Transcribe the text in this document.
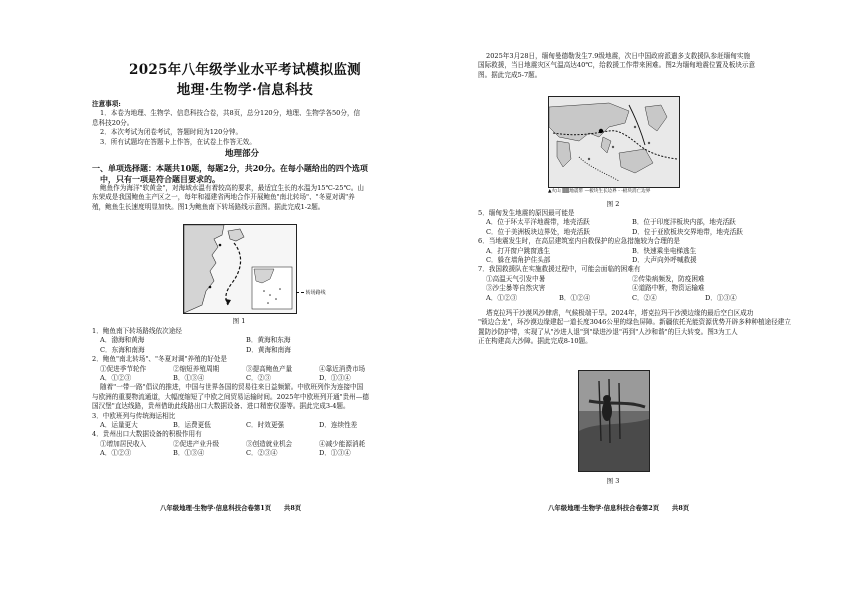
2025年八年级学业水平考试模拟监测
地理·生物学·信息科技
注意事项:
1．本卷为地理、生物学、信息科技合卷，共8页，总分120分，地理、生物学各50分，信
息科技20分。
2．本次考试为闭卷考试，答题时间为120分钟。
3．所有试题均在答题卡上作答，在试卷上作答无效。
地理部分
一、单项选择题：本题共10题，每题2分，共20分。在每小题给出的四个选项
中，只有一项是符合题目要求的。
鲍鱼作为海洋"软黄金"，对海域水温有着较高的要求，最适宜生长的水温为15℃-25℃。山
东荣成是我国鲍鱼主产区之一，每年和福建省两地合作开展鲍鱼"南北转场"、"冬夏对调"养
殖，鲍鱼生长速度明显加快。图1为鲍鱼南下转场路线示意图。据此完成1-2题。
转场路线
图 1
1．鲍鱼南下转场路线依次途经
A．渤海和黄海	B．黄海和东海
C．东海和南海	D．黄海和南海
2．鲍鱼"南北转场"、"冬夏对调"养殖的好处是
①促进季节轮作	②缩短养殖周期	③提高鲍鱼产量	④靠近消费市场
A．①②③	B．①③④	C．②③	D．①③④
随着"一带一路"倡议的推进，中国与世界各国的贸易往来日益频繁。中欧班列作为连接中国
与欧洲的重要物流通道，大幅度缩短了中欧之间贸易运输时间。2025年中欧班列开通"贵州—德
国汉堡"直达线路，贵州借助此线路出口大数据设备、进口精密仪器等。据此完成3-4题。
3．中欧班列与传统海运相比
A．运量更大	B．运费更低	C．时效更强	D．连续性差
4．贵州出口大数据设备的积极作用有
①增加居民收入	②促进产业升级	③创造就业机会	④减少能源消耗
A．①②③	B．①③④	C．②③④	D．①③④
八年级地理·生物学·信息科技合卷第1页　　共8页
2025年3月28日，缅甸曼德勒发生7.9级地震，次日中国政府派遣多支救援队参赶缅甸实施
国际救援，当日地震灾区气温高达40℃，给救援工作带来困难。图2为缅甸地震位置及板块示意
图。据此完成5-7题。
▲火山 ▒▒地震带 —板块生长边界 - -板块消亡边界
图 2
5．缅甸发生地震的原因最可能是
A．位于环太平洋地震带，地壳活跃	B．位于印度洋板块内部，地壳活跃
C．位于美洲板块边界处，地壳活跃	D．位于亚欧板块交界地带，地壳活跃
6．当地震发生时，在高层建筑室内自救保护的应急措施较为合理的是
A．打开窗户跳窗逃生	B．快速乘坐电梯逃生
C．躲在墙角护住头部	D．大声向外呼喊救援
7．我国救援队在实施救援过程中，可能会面临的困难有
①高温天气引发中暑	②传染病频发，防疫困难
③沙尘暴等自然灾害	④道路中断，物资运输难
A．①②③	B．①②④	C．②④	D．①③④
塔克拉玛干沙漠风沙肆虐，气候极端干旱。2024年，塔克拉玛干沙漠边缘的最后空白区成功
"锁边合龙"，环沙漠边缘建起一道长度3046公里的绿色屏障。新疆依托光能资源优势开辟多种种植途径建立
置防沙防护带，实现了从"沙进人退"到"绿进沙退"再到"人沙和谐"的巨大转变。图3为工人
正在构建高大沙障。据此完成8-10题。
图 3
八年级地理·生物学·信息科技合卷第2页　　共8页
